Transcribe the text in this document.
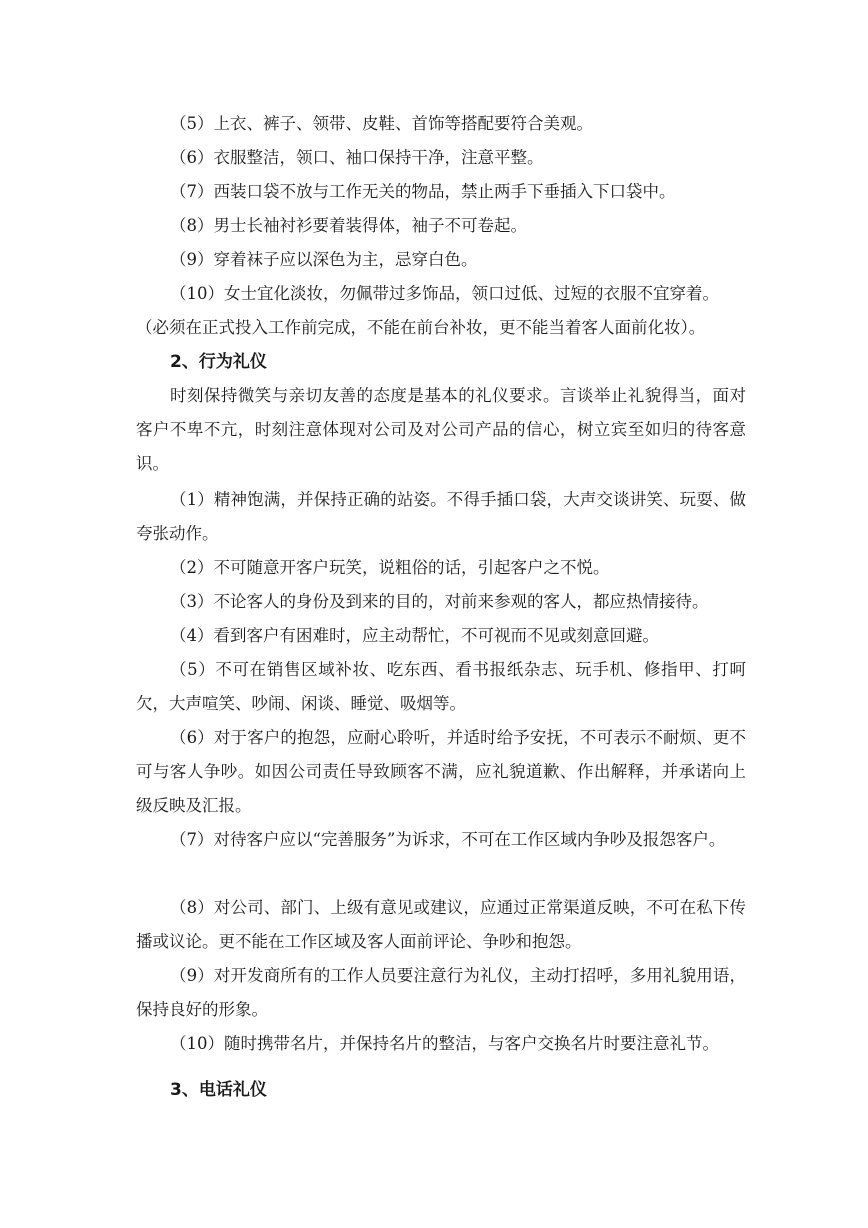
（5）上衣、裤子、领带、皮鞋、首饰等搭配要符合美观。

（6）衣服整洁，领口、袖口保持干净，注意平整。

（7）西装口袋不放与工作无关的物品，禁止两手下垂插入下口袋中。

（8）男士长袖衬衫要着装得体，袖子不可卷起。

（9）穿着袜子应以深色为主，忌穿白色。

（10）女士宜化淡妆，勿佩带过多饰品，领口过低、过短的衣服不宜穿着。

（必须在正式投入工作前完成，不能在前台补妆，更不能当着客人面前化妆）。

2、行为礼仪

时刻保持微笑与亲切友善的态度是基本的礼仪要求。言谈举止礼貌得当，面对客户不卑不亢，时刻注意体现对公司及对公司产品的信心，树立宾至如归的待客意识。

（1）精神饱满，并保持正确的站姿。不得手插口袋，大声交谈讲笑、玩耍、做夸张动作。

（2）不可随意开客户玩笑，说粗俗的话，引起客户之不悦。

（3）不论客人的身份及到来的目的，对前来参观的客人，都应热情接待。

（4）看到客户有困难时，应主动帮忙，不可视而不见或刻意回避。

（5）不可在销售区域补妆、吃东西、看书报纸杂志、玩手机、修指甲、打呵欠，大声喧笑、吵闹、闲谈、睡觉、吸烟等。

（6）对于客户的抱怨，应耐心聆听，并适时给予安抚，不可表示不耐烦、更不可与客人争吵。如因公司责任导致顾客不满，应礼貌道歉、作出解释，并承诺向上级反映及汇报。

（7）对待客户应以“完善服务”为诉求，不可在工作区域内争吵及报怨客户。

（8）对公司、部门、上级有意见或建议，应通过正常渠道反映，不可在私下传播或议论。更不能在工作区域及客人面前评论、争吵和抱怨。

（9）对开发商所有的工作人员要注意行为礼仪，主动打招呼，多用礼貌用语，保持良好的形象。

（10）随时携带名片，并保持名片的整洁，与客户交换名片时要注意礼节。

3、电话礼仪
